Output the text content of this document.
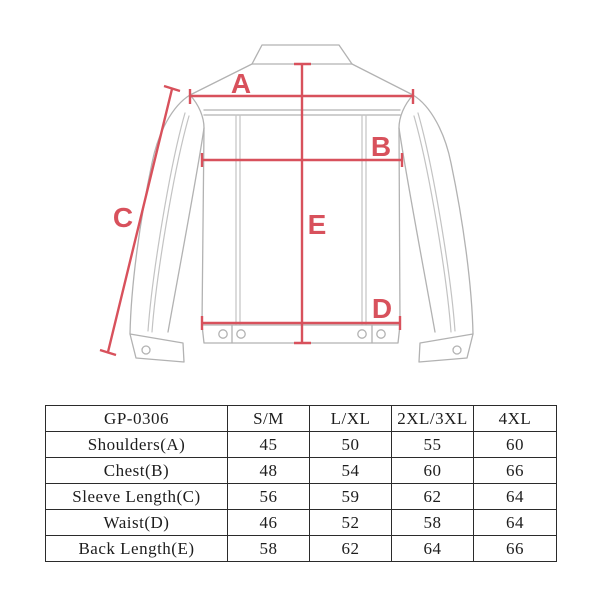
A
B
C
D
E
GP-0306	S/M	L/XL	2XL/3XL	4XL
Shoulders(A)	45	50	55	60
Chest(B)	48	54	60	66
Sleeve Length(C)	56	59	62	64
Waist(D)	46	52	58	64
Back Length(E)	58	62	64	66
